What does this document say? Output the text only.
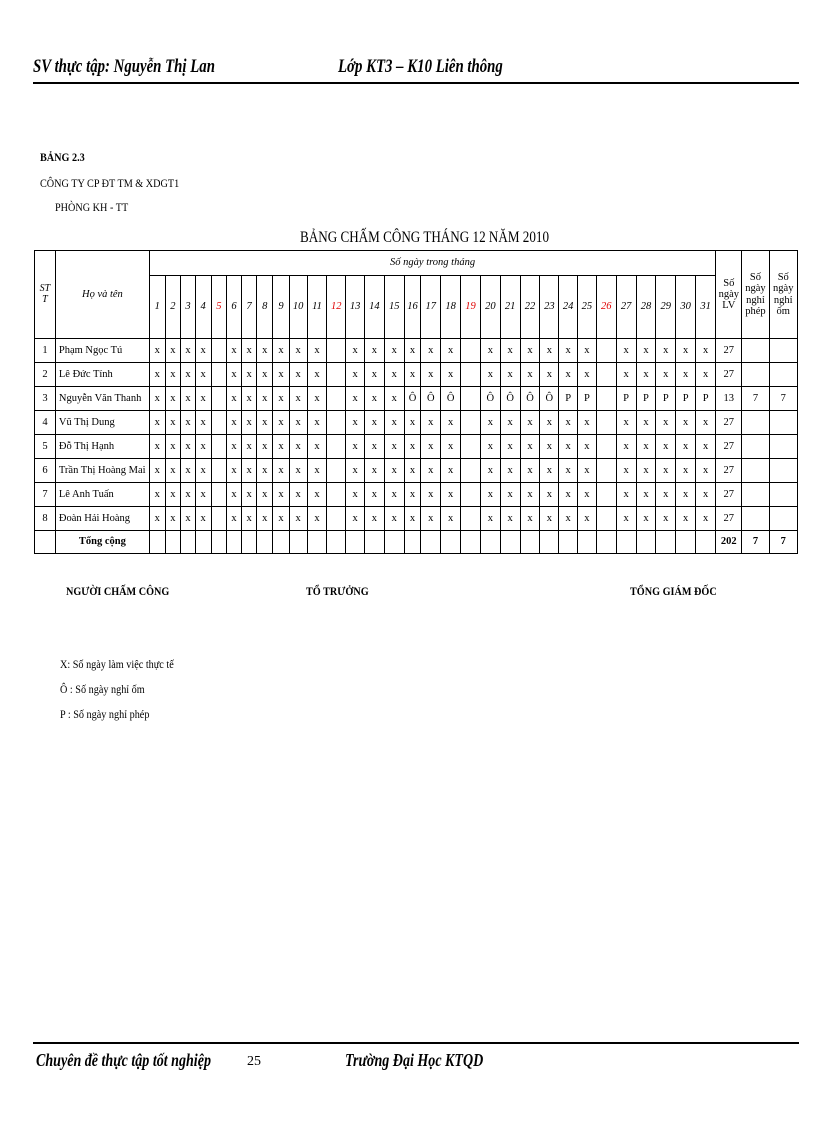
SV thực tập: Nguyễn Thị Lan	Lớp KT3 – K10 Liên thông
BẢNG 2.3
CÔNG TY CP ĐT TM & XDGT1
PHÒNG KH - TT
BẢNG CHẤM CÔNG THÁNG 12 NĂM 2010
ST
T	Họ và tên	Số ngày trong tháng																															Số ngày LV	Số ngày nghỉ phép	Số ngày nghỉ ốm
		1	2	3	4	5	6	7	8	9	10	11	12	13	14	15	16	17	18	19	20	21	22	23	24	25	26	27	28	29	30	31			
1	Phạm Ngọc Tú	x	x	x	x		x	x	x	x	x	x		x	x	x	x	x	x		x	x	x	x	x	x		x	x	x	x	x	27		
2	Lê Đức Tính	x	x	x	x		x	x	x	x	x	x		x	x	x	x	x	x		x	x	x	x	x	x		x	x	x	x	x	27		
3	Nguyễn Văn Thanh	x	x	x	x		x	x	x	x	x	x		x	x	x	Ô	Ô	Ô		Ô	Ô	Ô	Ô	P	P		P	P	P	P	P	13	7	7
4	Vũ Thị Dung	x	x	x	x		x	x	x	x	x	x		x	x	x	x	x	x		x	x	x	x	x	x		x	x	x	x	x	27		
5	Đỗ Thị Hạnh	x	x	x	x		x	x	x	x	x	x		x	x	x	x	x	x		x	x	x	x	x	x		x	x	x	x	x	27		
6	Trần Thị Hoàng Mai	x	x	x	x		x	x	x	x	x	x		x	x	x	x	x	x		x	x	x	x	x	x		x	x	x	x	x	27		
7	Lê Anh Tuấn	x	x	x	x		x	x	x	x	x	x		x	x	x	x	x	x		x	x	x	x	x	x		x	x	x	x	x	27		
8	Đoàn Hải Hoàng	x	x	x	x		x	x	x	x	x	x		x	x	x	x	x	x		x	x	x	x	x	x		x	x	x	x	x	27		
	Tổng cộng																																202	7	7
NGƯỜI CHẤM CÔNG	TỔ TRƯỞNG	TỔNG GIÁM ĐỐC
X: Số ngày làm việc thực tế
Ô : Số ngày nghỉ ốm
P : Số ngày nghỉ phép
Chuyên đề thực tập tốt nghiệp	25	Trường Đại Học KTQD
